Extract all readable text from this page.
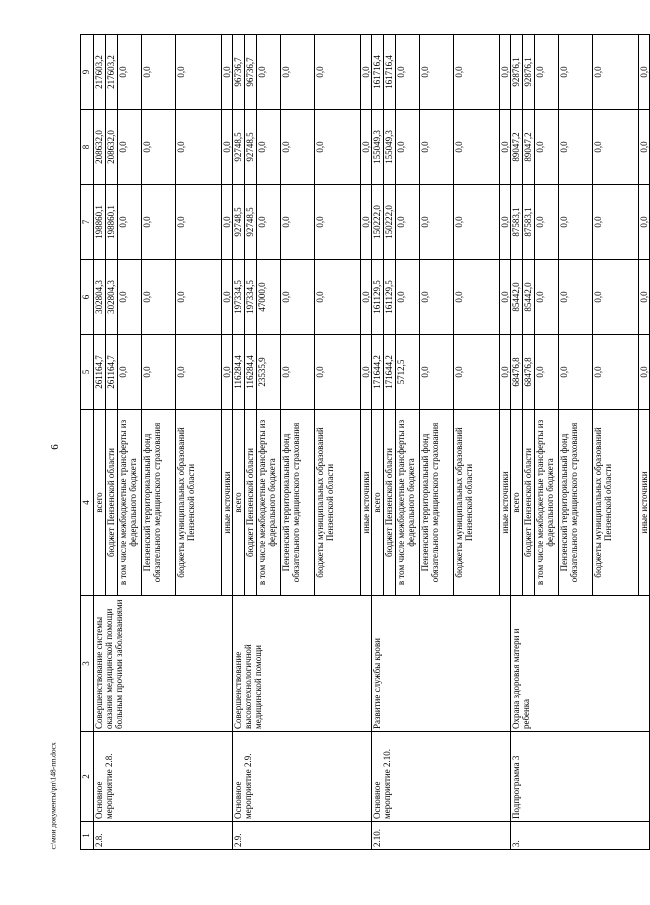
6
1	2	3	4	5	6	7	8	9
2.8.	Основное мероприятие 2.8.	Совершенствование системы оказания медицинской помощи больным прочими заболеваниями	всего	261164,7	302804,3	198860,1	208632,0	217603,2
			бюджет Пензенской области	261164,7	302804,3	198860,1	208632,0	217603,2
			в том числе межбюджетные трансферты из федерального бюджета	0,0	0,0	0,0	0,0	0,0
			Пензенский территориальный фонд обязательного медицинского страхования	0,0	0,0	0,0	0,0	0,0
			бюджеты муниципальных образований Пензенской области	0,0	0,0	0,0	0,0	0,0
			иные источники	0,0	0,0	0,0	0,0	0,0
2.9.	Основное мероприятие 2.9.	Совершенствование высокотехнологичной медицинской помощи	всего	116284,4	197334,5	92748,5	92748,5	96736,7
			бюджет Пензенской области	116284,4	197334,5	92748,5	92748,5	96736,7
			в том числе межбюджетные трансферты из федерального бюджета	23535,9	47000,0	0,0	0,0	0,0
			Пензенский территориальный фонд обязательного медицинского страхования	0,0	0,0	0,0	0,0	0,0
			бюджеты муниципальных образований Пензенской области	0,0	0,0	0,0	0,0	0,0
			иные источники	0,0	0,0	0,0	0,0	0,0
2.10.	Основное мероприятие 2.10.	Развитие службы крови	всего	171644,2	161129,5	150222,0	155049,3	161716,4
			бюджет Пензенской области	171644,2	161129,5	150222,0	155049,3	161716,4
			в том числе межбюджетные трансферты из федерального бюджета	5712,5	0,0	0,0	0,0	0,0
			Пензенский территориальный фонд обязательного медицинского страхования	0,0	0,0	0,0	0,0	0,0
			бюджеты муниципальных образований Пензенской области	0,0	0,0	0,0	0,0	0,0
			иные источники	0,0	0,0	0,0	0,0	0,0
3.	Подпрограмма 3	Охрана здоровья матери и ребенка	всего	68476,8	85442,0	87583,1	89047,2	92876,1
			бюджет Пензенской области	68476,8	85442,0	87583,1	89047,2	92876,1
			в том числе межбюджетные трансферты из федерального бюджета	0,0	0,0	0,0	0,0	0,0
			Пензенский территориальный фонд обязательного медицинского страхования	0,0	0,0	0,0	0,0	0,0
			бюджеты муниципальных образований Пензенской области	0,0	0,0	0,0	0,0	0,0
			иные источники	0,0	0,0	0,0	0,0	0,0
c:\мои документы\рп\148-пп.docx
